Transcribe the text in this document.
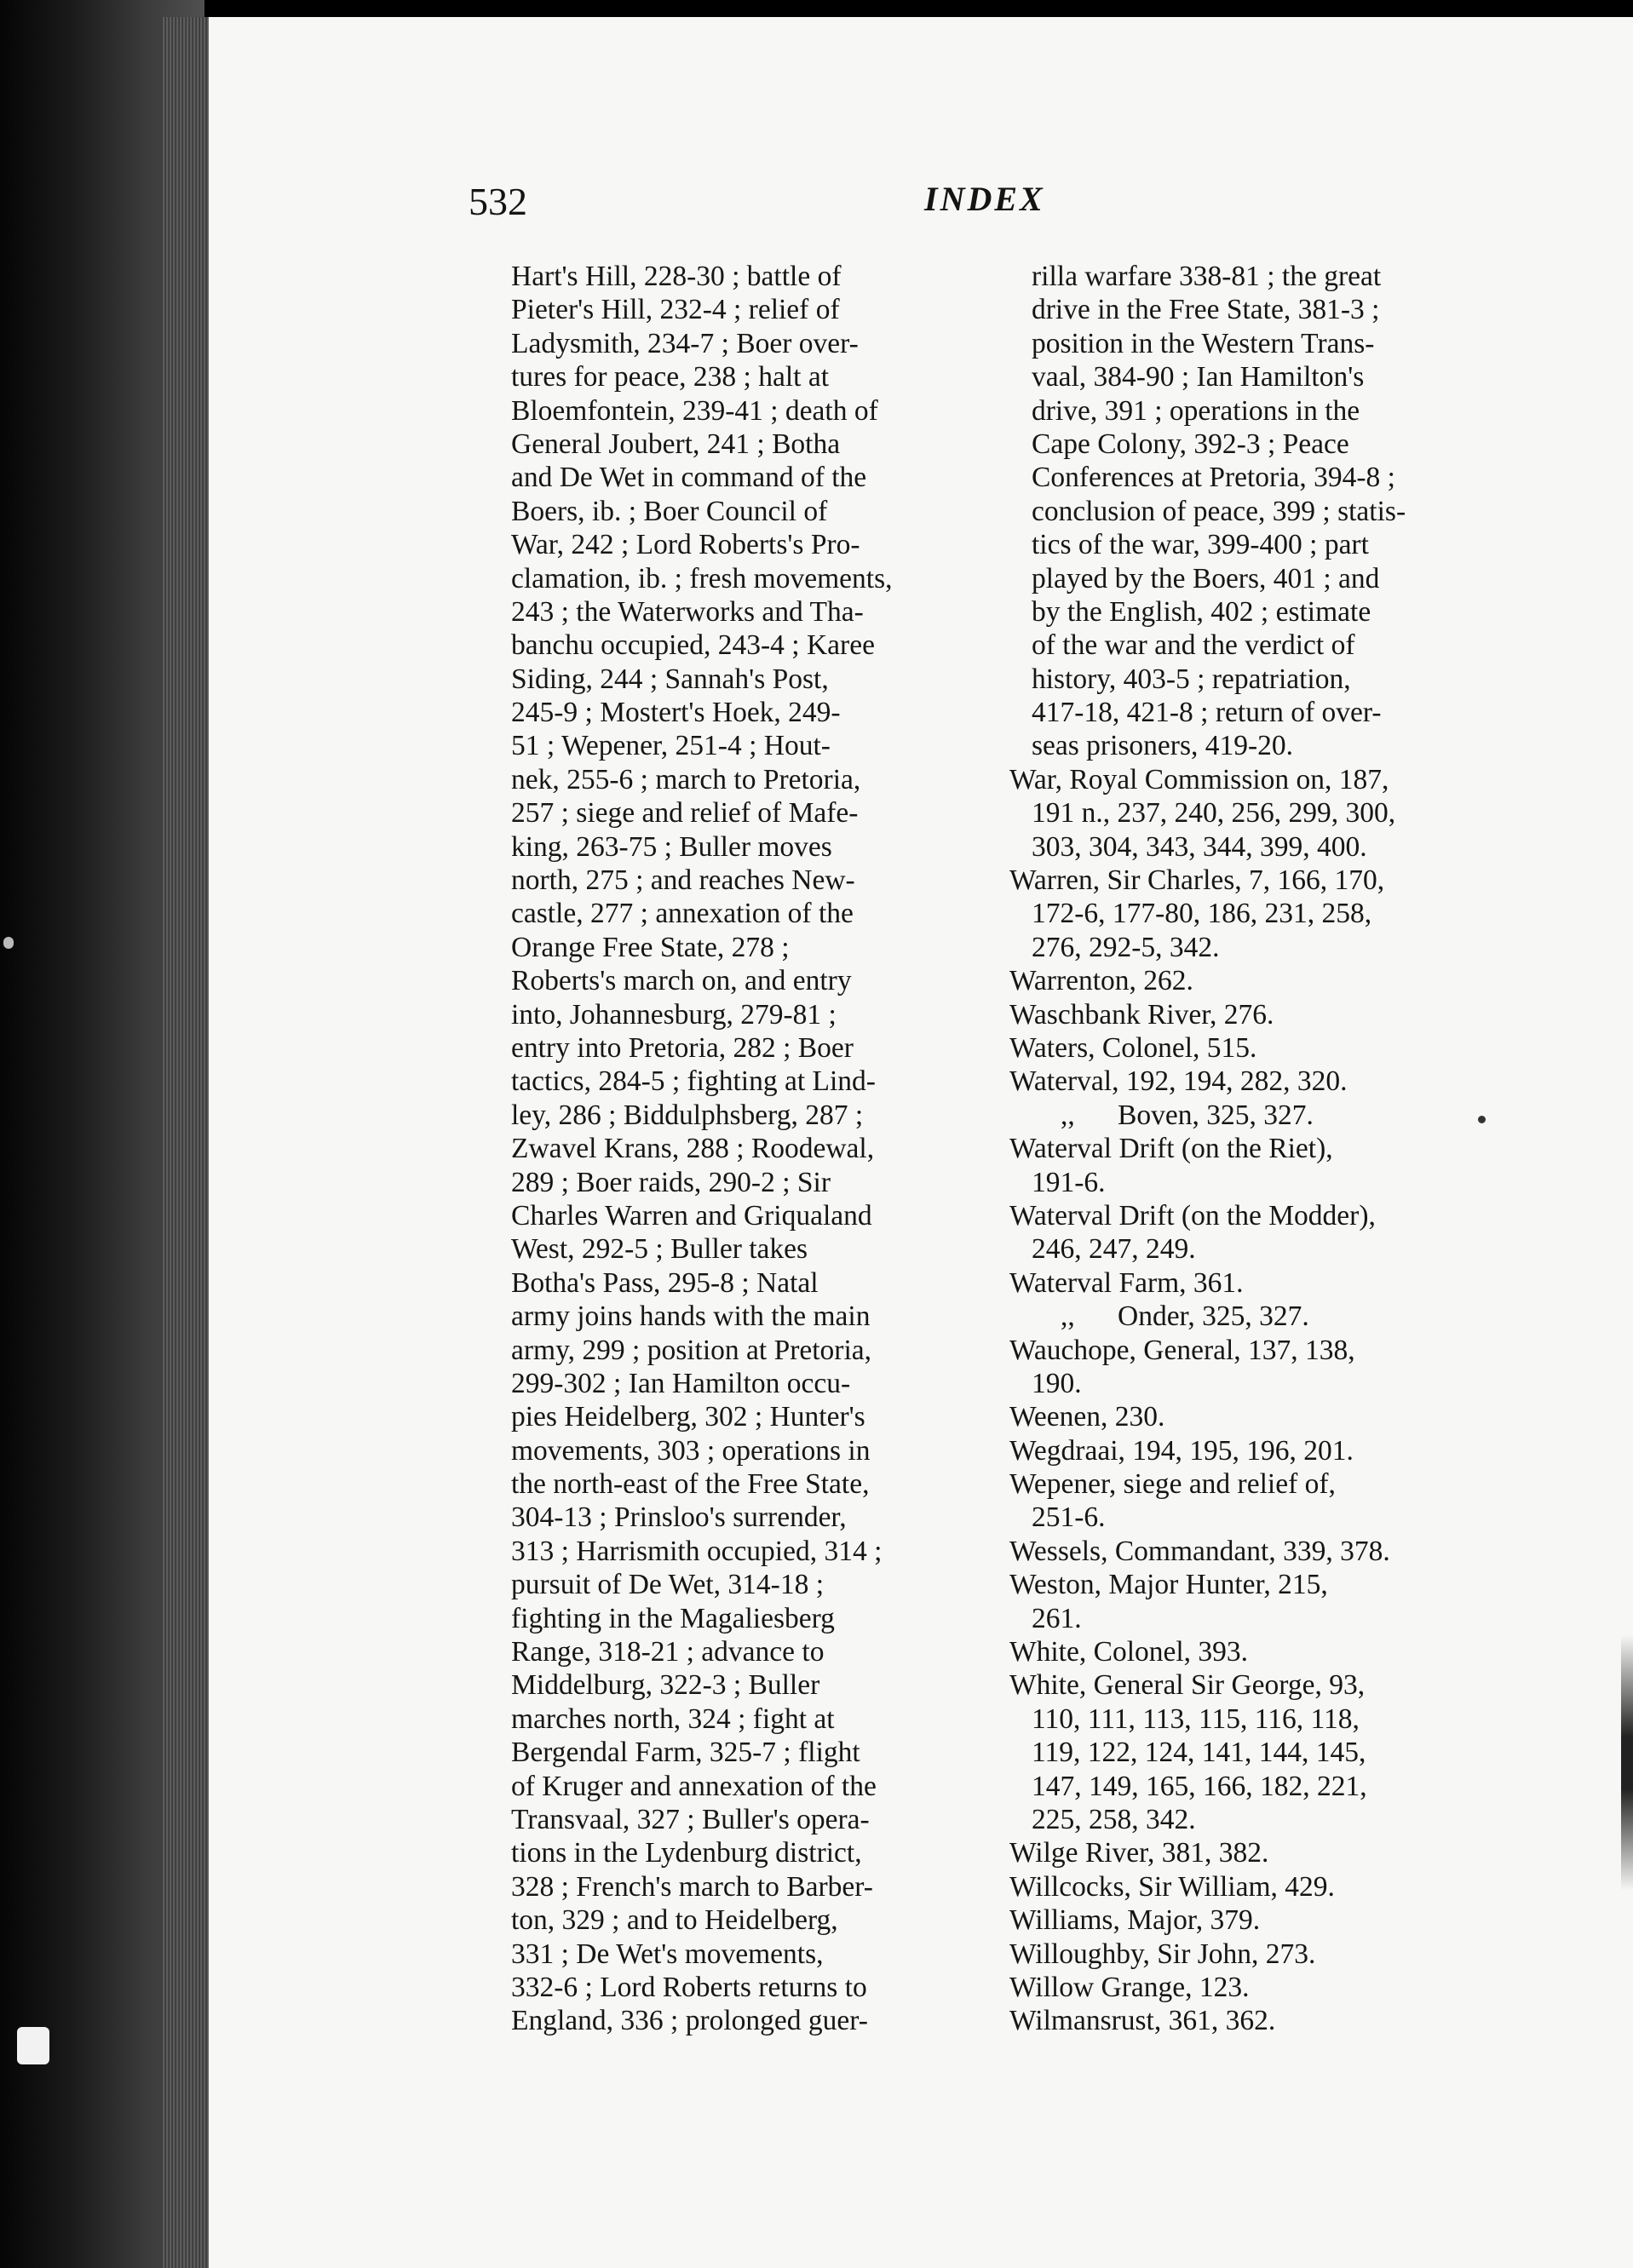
532	INDEX
Hart's Hill, 228-30 ; battle of
Pieter's Hill, 232-4 ; relief of
Ladysmith, 234-7 ; Boer over-
tures for peace, 238 ; halt at
Bloemfontein, 239-41 ; death of
General Joubert, 241 ; Botha
and De Wet in command of the
Boers, ib. ; Boer Council of
War, 242 ; Lord Roberts's Pro-
clamation, ib. ; fresh movements,
243 ; the Waterworks and Tha-
banchu occupied, 243-4 ; Karee
Siding, 244 ; Sannah's Post,
245-9 ; Mostert's Hoek, 249-
51 ; Wepener, 251-4 ; Hout-
nek, 255-6 ; march to Pretoria,
257 ; siege and relief of Mafe-
king, 263-75 ; Buller moves
north, 275 ; and reaches New-
castle, 277 ; annexation of the
Orange Free State, 278 ;
Roberts's march on, and entry
into, Johannesburg, 279-81 ;
entry into Pretoria, 282 ; Boer
tactics, 284-5 ; fighting at Lind-
ley, 286 ; Biddulphsberg, 287 ;
Zwavel Krans, 288 ; Roodewal,
289 ; Boer raids, 290-2 ; Sir
Charles Warren and Griqualand
West, 292-5 ; Buller takes
Botha's Pass, 295-8 ; Natal
army joins hands with the main
army, 299 ; position at Pretoria,
299-302 ; Ian Hamilton occu-
pies Heidelberg, 302 ; Hunter's
movements, 303 ; operations in
the north-east of the Free State,
304-13 ; Prinsloo's surrender,
313 ; Harrismith occupied, 314 ;
pursuit of De Wet, 314-18 ;
fighting in the Magaliesberg
Range, 318-21 ; advance to
Middelburg, 322-3 ; Buller
marches north, 324 ; fight at
Bergendal Farm, 325-7 ; flight
of Kruger and annexation of the
Transvaal, 327 ; Buller's opera-
tions in the Lydenburg district,
328 ; French's march to Barber-
ton, 329 ; and to Heidelberg,
331 ; De Wet's movements,
332-6 ; Lord Roberts returns to
England, 336 ; prolonged guer-
rilla warfare 338-81 ; the great
drive in the Free State, 381-3 ;
position in the Western Trans-
vaal, 384-90 ; Ian Hamilton's
drive, 391 ; operations in the
Cape Colony, 392-3 ; Peace
Conferences at Pretoria, 394-8 ;
conclusion of peace, 399 ; statis-
tics of the war, 399-400 ; part
played by the Boers, 401 ; and
by the English, 402 ; estimate
of the war and the verdict of
history, 403-5 ; repatriation,
417-18, 421-8 ; return of over-
seas prisoners, 419-20.
War, Royal Commission on, 187,
191 n., 237, 240, 256, 299, 300,
303, 304, 343, 344, 399, 400.
Warren, Sir Charles, 7, 166, 170,
172-6, 177-80, 186, 231, 258,
276, 292-5, 342.
Warrenton, 262.
Waschbank River, 276.
Waters, Colonel, 515.
Waterval, 192, 194, 282, 320.
,,      Boven, 325, 327.
Waterval Drift (on the Riet),
191-6.
Waterval Drift (on the Modder),
246, 247, 249.
Waterval Farm, 361.
,,      Onder, 325, 327.
Wauchope, General, 137, 138,
190.
Weenen, 230.
Wegdraai, 194, 195, 196, 201.
Wepener, siege and relief of,
251-6.
Wessels, Commandant, 339, 378.
Weston, Major Hunter, 215,
261.
White, Colonel, 393.
White, General Sir George, 93,
110, 111, 113, 115, 116, 118,
119, 122, 124, 141, 144, 145,
147, 149, 165, 166, 182, 221,
225, 258, 342.
Wilge River, 381, 382.
Willcocks, Sir William, 429.
Williams, Major, 379.
Willoughby, Sir John, 273.
Willow Grange, 123.
Wilmansrust, 361, 362.
